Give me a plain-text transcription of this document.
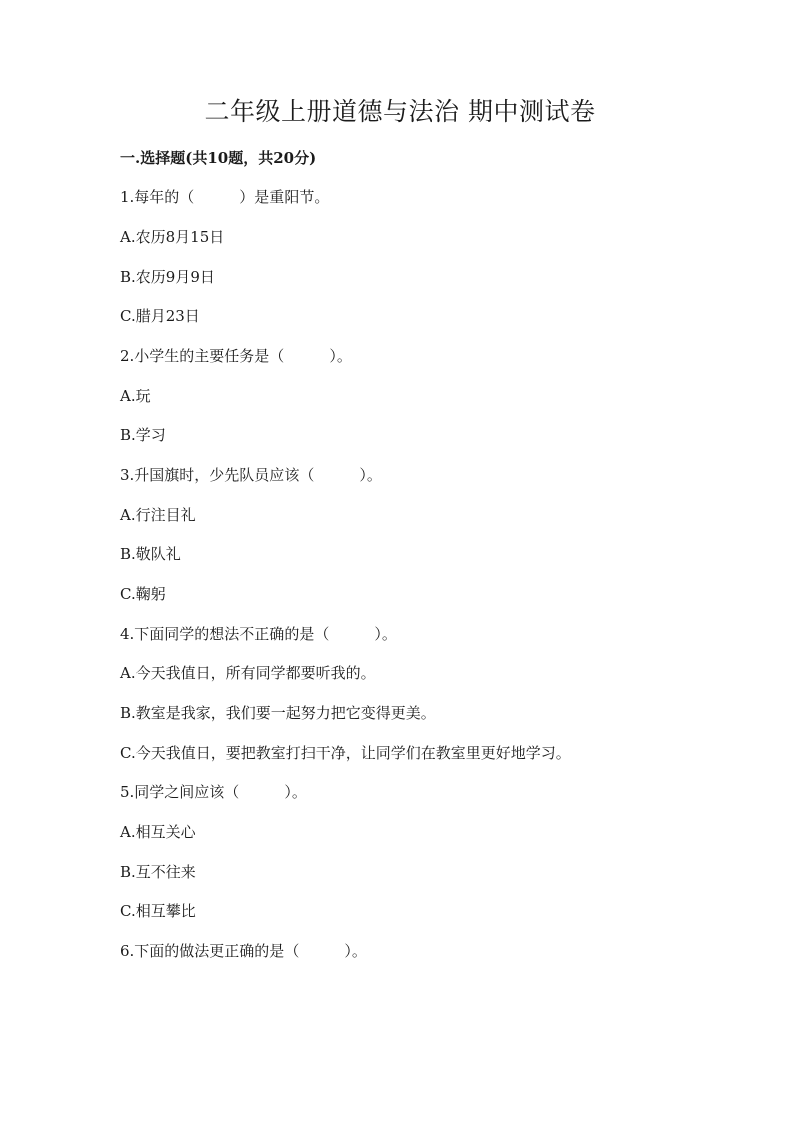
二年级上册道德与法治 期中测试卷
一.选择题(共10题，共20分)
1.每年的（　　　）是重阳节。
A.农历8月15日
B.农历9月9日
C.腊月23日
2.小学生的主要任务是（　　　）。
A.玩
B.学习
3.升国旗时，少先队员应该（　　　）。
A.行注目礼
B.敬队礼
C.鞠躬
4.下面同学的想法不正确的是（　　　）。
A.今天我值日，所有同学都要听我的。
B.教室是我家，我们要一起努力把它变得更美。
C.今天我值日，要把教室打扫干净，让同学们在教室里更好地学习。
5.同学之间应该（　　　）。
A.相互关心
B.互不往来
C.相互攀比
6.下面的做法更正确的是（　　　）。
